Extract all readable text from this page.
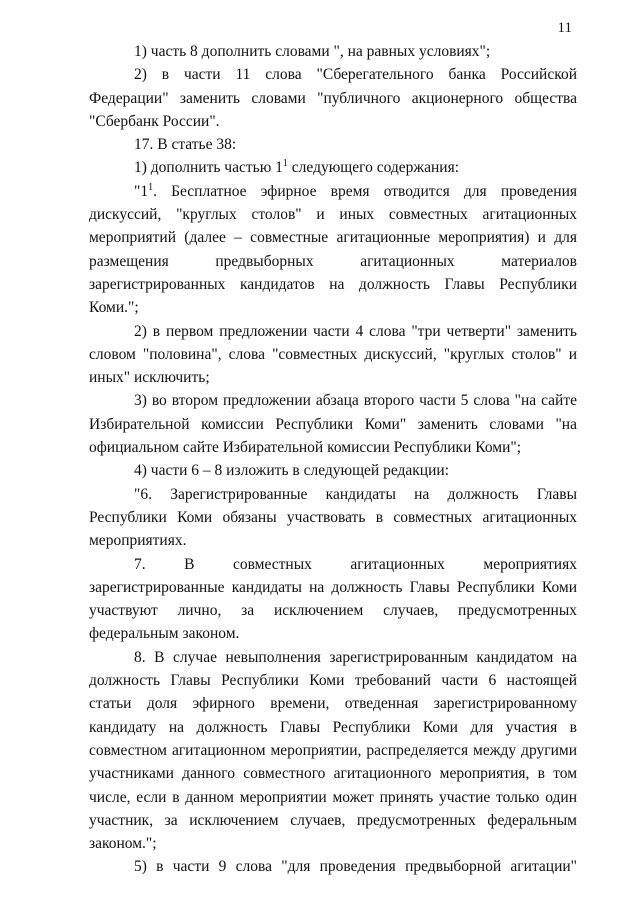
11

1) часть 8 дополнить словами ", на равных условиях";

2) в части 11 слова "Сберегательного банка Российской Федерации" заменить словами "публичного акционерного общества "Сбербанк России".

17. В статье 38:

1) дополнить частью $1^1$ следующего содержания:

"$1^1$. Бесплатное эфирное время отводится для проведения дискуссий, "круглых столов" и иных совместных агитационных мероприятий (далее – совместные агитационные мероприятия) и для размещения предвыборных агитационных материалов зарегистрированных кандидатов на должность Главы Республики Коми.";

2) в первом предложении части 4 слова "три четверти" заменить словом "половина", слова "совместных дискуссий, "круглых столов" и иных" исключить;

3) во втором предложении абзаца второго части 5 слова "на сайте Избирательной комиссии Республики Коми" заменить словами "на официальном сайте Избирательной комиссии Республики Коми";

4) части 6 – 8 изложить в следующей редакции:

"6. Зарегистрированные кандидаты на должность Главы Республики Коми обязаны участвовать в совместных агитационных мероприятиях.

7. В совместных агитационных мероприятиях зарегистрированные кандидаты на должность Главы Республики Коми участвуют лично, за исключением случаев, предусмотренных федеральным законом.

8. В случае невыполнения зарегистрированным кандидатом на должность Главы Республики Коми требований части 6 настоящей статьи доля эфирного времени, отведенная зарегистрированному кандидату на должность Главы Республики Коми для участия в совместном агитационном мероприятии, распределяется между другими участниками данного совместного агитационного мероприятия, в том числе, если в данном мероприятии может принять участие только один участник, за исключением случаев, предусмотренных федеральным законом.";

5) в части 9 слова "для проведения предвыборной агитации"
